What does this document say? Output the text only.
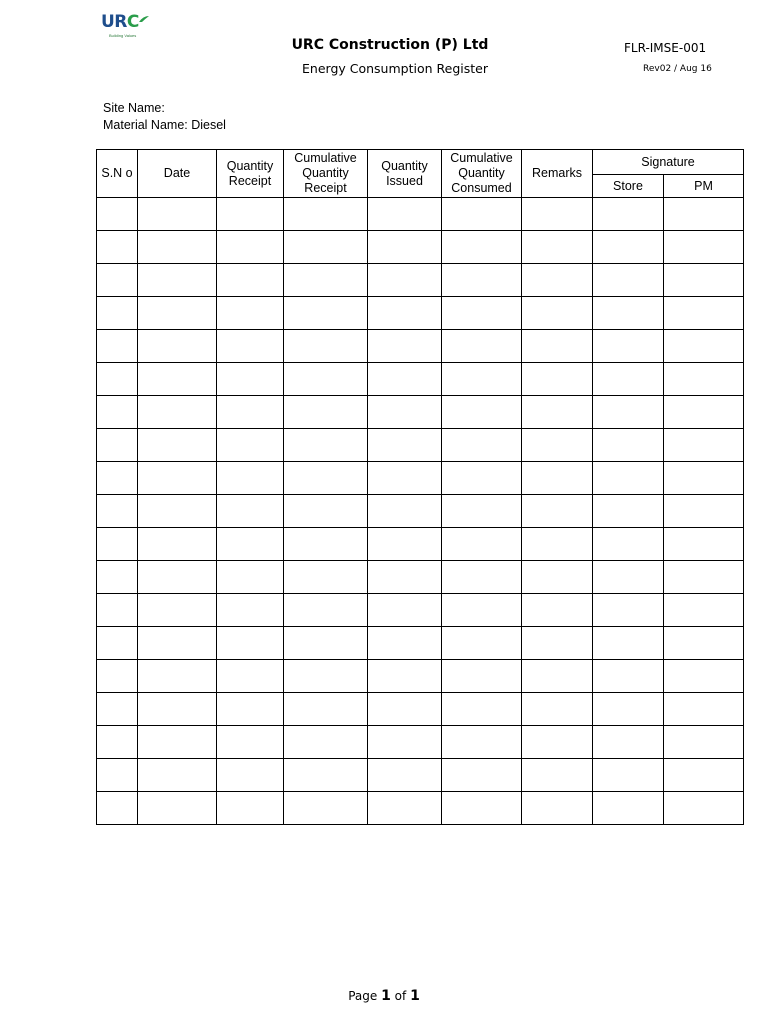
URC
Building Values
URC Construction (P) Ltd
Energy Consumption Register
FLR-IMSE-001
Rev02 / Aug 16
Site Name:
Material Name: Diesel
S.N o	Date	Quantity Receipt	Cumulative Quantity Receipt	Quantity Issued	Cumulative Quantity Consumed	Remarks	Signature	
							Store	PM

Page 1 of 1
